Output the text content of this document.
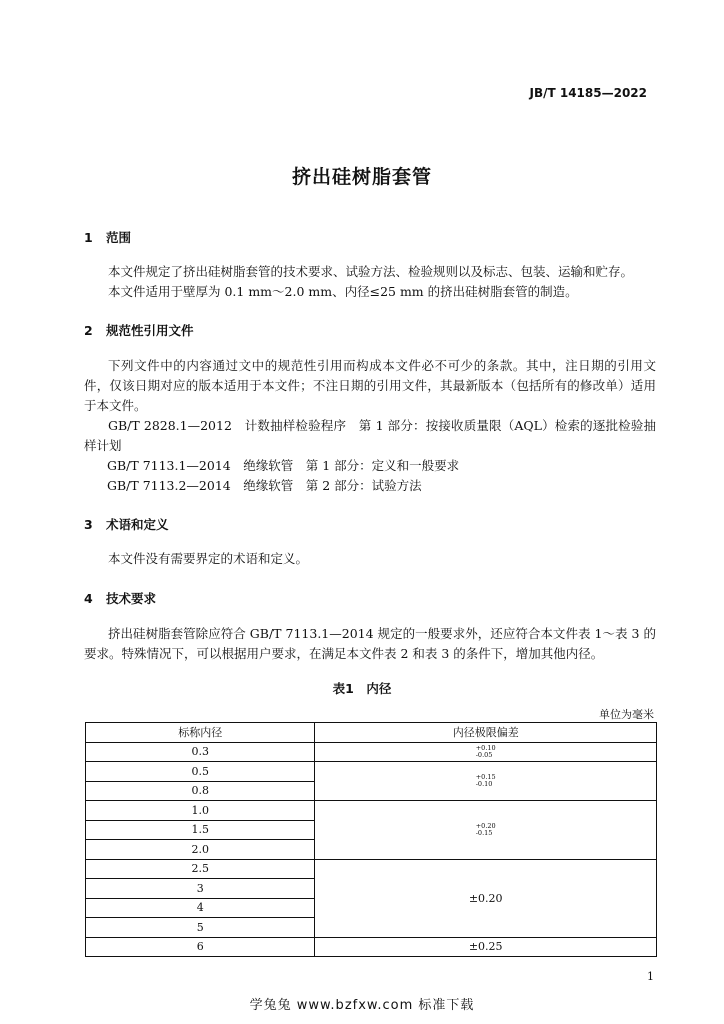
JB/T 14185—2022
挤出硅树脂套管
1 范围
本文件规定了挤出硅树脂套管的技术要求、试验方法、检验规则以及标志、包装、运输和贮存。
本文件适用于壁厚为 0.1 mm～2.0 mm、内径≤25 mm 的挤出硅树脂套管的制造。
2 规范性引用文件
下列文件中的内容通过文中的规范性引用而构成本文件必不可少的条款。其中，注日期的引用文件，仅该日期对应的版本适用于本文件；不注日期的引用文件，其最新版本（包括所有的修改单）适用于本文件。
GB/T 2828.1—2012　计数抽样检验程序　第 1 部分：按接收质量限（AQL）检索的逐批检验抽样计划
GB/T 7113.1—2014　绝缘软管　第 1 部分：定义和一般要求
GB/T 7113.2—2014　绝缘软管　第 2 部分：试验方法
3 术语和定义
本文件没有需要界定的术语和定义。
4 技术要求
挤出硅树脂套管除应符合 GB/T 7113.1—2014 规定的一般要求外，还应符合本文件表 1～表 3 的要求。特殊情况下，可以根据用户要求，在满足本文件表 2 和表 3 的条件下，增加其他内径。
表1　内径
单位为毫米
标称内径	内径极限偏差
0.3	+0.10
-0.05
0.5	+0.15
-0.10
0.8	
1.0	+0.20
-0.15
1.5	
2.0	
2.5	±0.20
3	
4	
5	
6	±0.25
1
学兔兔 www.bzfxw.com 标准下载
